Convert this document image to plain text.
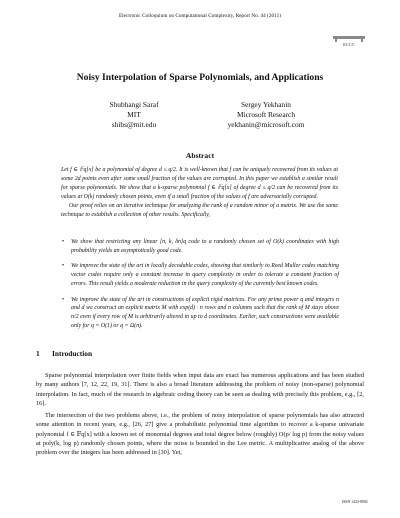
Electronic Colloquium on Computational Complexity, Report No. 44 (2011)
ECCC
Noisy Interpolation of Sparse Polynomials, and Applications
Shubhangi Saraf
MIT
shibs@mit.edu
Sergey Yekhanin
Microsoft Research
yekhanin@microsoft.com
Abstract

Let f ∈ 𝔽q[x] be a polynomial of degree d ≤ q/2. It is well-known that f can be uniquely recovered from its values at some 2d points even after some small fraction of the values are corrupted. In this paper we establish a similar result for sparse polynomials. We show that a k-sparse polynomial f ∈ 𝔽q[x] of degree d ≤ q/2 can be recovered from its values at O(k) randomly chosen points, even if a small fraction of the values of f are adversarially corrupted.

Our proof relies on an iterative technique for analyzing the rank of a random minor of a matrix. We use the same technique to establish a collection of other results. Specifically,

• We show that restricting any linear [n, k, δn]q code to a randomly chosen set of O(k) coordinates with high probability yields an asymptotically good code.
• We improve the state of the art in locally decodable codes, showing that similarly to Reed Muller codes matching vector codes require only a constant increase in query complexity in order to tolerate a constant fraction of errors. This result yields a moderate reduction in the query complexity of the currently best known codes.
• We improve the state of the art in constructions of explicit rigid matrices. For any prime power q and integers n and d we construct an explicit matrix M with exp(d) · n rows and n columns such that the rank of M stays above n/2 even if every row of M is arbitrarily altered in up to d coordinates. Earlier, such constructions were available only for q = O(1) or q = Ω(n).
1 Introduction

Sparse polynomial interpolation over finite fields when input data are exact has numerous applications and has been studied by many authors [7, 12, 22, 19, 31]. There is also a broad literature addressing the problem of noisy (non-sparse) polynomial interpolation. In fact, much of the research in algebraic coding theory can be seen as dealing with precisely this problem, e.g., [2, 16].

The intersection of the two problems above, i.e., the problem of noisy interpolation of sparse polynomials has also attracted some attention in recent years, e.g., [26, 27] give a probabilistic polynomial time algorithm to recover a k-sparse univariate polynomial f ∈ 𝔽q[x] with a known set of monomial degrees and total degree below (roughly) O(p/ log p) from the noisy values at poly(k, log p) randomly chosen points, where the noise is bounded in the Lee metric. A multiplicative analog of the above problem over the integers has been addressed in [30]. Yet,

ISSN 1433-8092
